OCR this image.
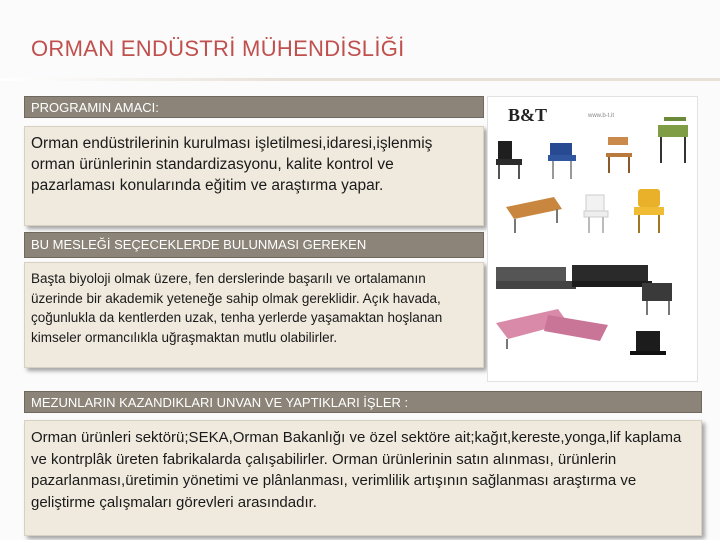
ORMAN ENDÜSTRİ MÜHENDİSLİĞİ
PROGRAMIN AMACI:
Orman endüstrilerinin kurulması işletilmesi,idaresi,işlenmiş orman ürünlerinin standardizasyonu, kalite kontrol ve pazarlaması konularında eğitim ve araştırma yapar.
BU MESLEĞİ SEÇECEKLERDE BULUNMASI GEREKEN
Başta biyoloji olmak üzere, fen derslerinde başarılı ve ortalamanın üzerinde bir akademik yeteneğe sahip olmak gereklidir. Açık havada, çoğunlukla da kentlerden uzak, tenha yerlerde yaşamaktan hoşlanan kimseler ormancılıkla uğraşmaktan mutlu olabilirler.
B&T	www.b-t.it
MEZUNLARIN KAZANDIKLARI UNVAN VE YAPTIKLARI İŞLER :
Orman ürünleri sektörü;SEKA,Orman Bakanlığı ve özel sektöre ait;kağıt,kereste,yonga,lif kaplama ve kontrplâk üreten fabrikalarda çalışabilirler. Orman ürünlerinin satın alınması, ürünlerin pazarlanması,üretimin yönetimi ve plânlanması, verimlilik artışının sağlanması araştırma ve geliştirme çalışmaları görevleri arasındadır.
